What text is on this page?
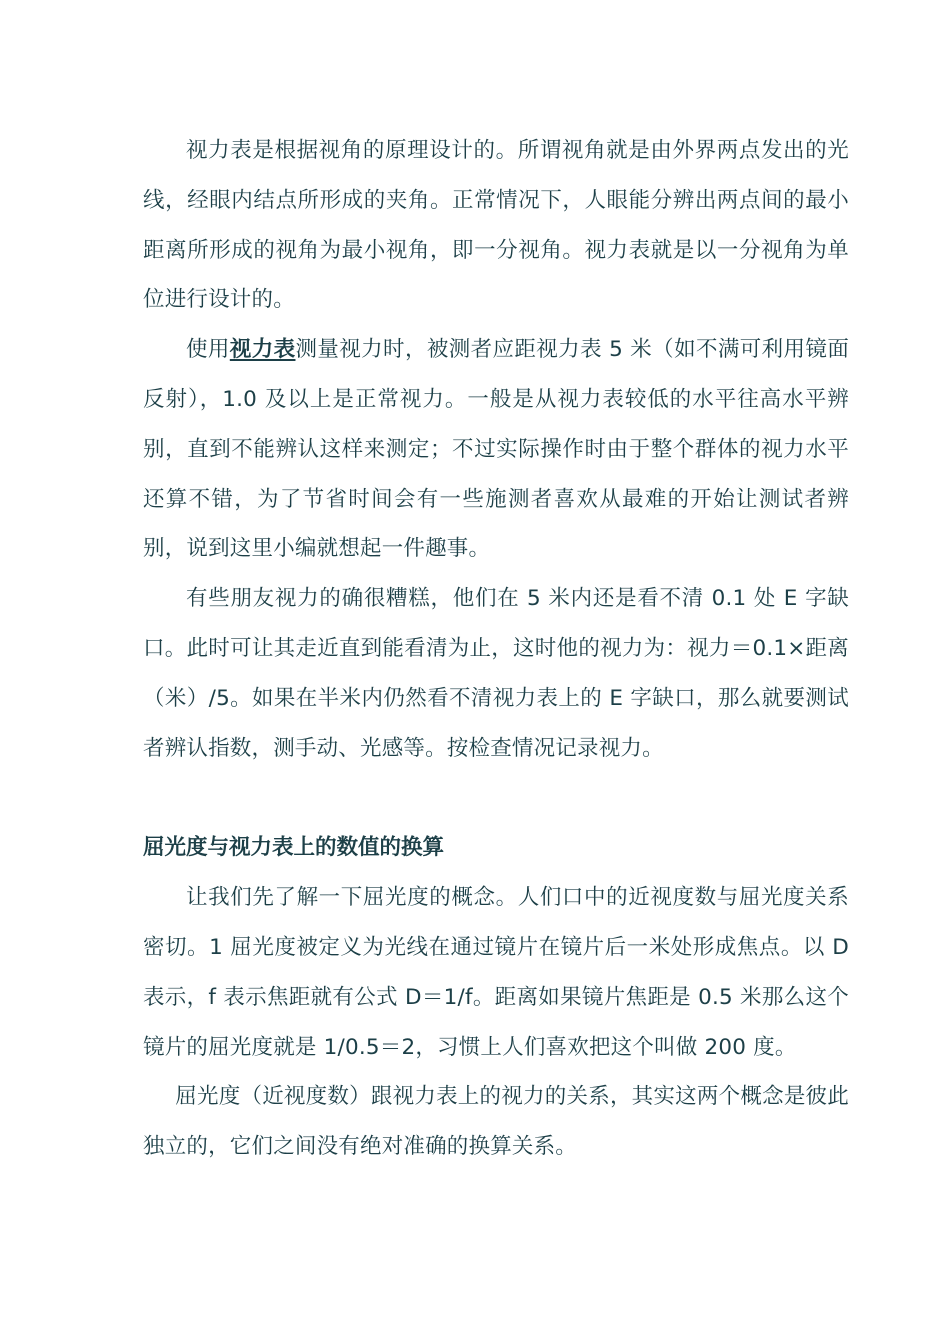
视力表是根据视角的原理设计的。所谓视角就是由外界两点发出的光线，经眼内结点所形成的夹角。正常情况下，人眼能分辨出两点间的最小距离所形成的视角为最小视角，即一分视角。视力表就是以一分视角为单位进行设计的。

使用视力表测量视力时，被测者应距视力表 5 米（如不满可利用镜面反射），1.0 及以上是正常视力。一般是从视力表较低的水平往高水平辨别，直到不能辨认这样来测定；不过实际操作时由于整个群体的视力水平还算不错，为了节省时间会有一些施测者喜欢从最难的开始让测试者辨别，说到这里小编就想起一件趣事。

有些朋友视力的确很糟糕，他们在 5 米内还是看不清 0.1 处 E 字缺口。此时可让其走近直到能看清为止，这时他的视力为：视力＝0.1×距离（米）/5。如果在半米内仍然看不清视力表上的 E 字缺口，那么就要测试者辨认指数，测手动、光感等。按检查情况记录视力。

屈光度与视力表上的数值的换算

让我们先了解一下屈光度的概念。人们口中的近视度数与屈光度关系密切。1 屈光度被定义为光线在通过镜片在镜片后一米处形成焦点。以 D 表示，f 表示焦距就有公式 D＝1/f。距离如果镜片焦距是 0.5 米那么这个镜片的屈光度就是 1/0.5＝2，习惯上人们喜欢把这个叫做 200 度。

屈光度（近视度数）跟视力表上的视力的关系，其实这两个概念是彼此独立的，它们之间没有绝对准确的换算关系。
